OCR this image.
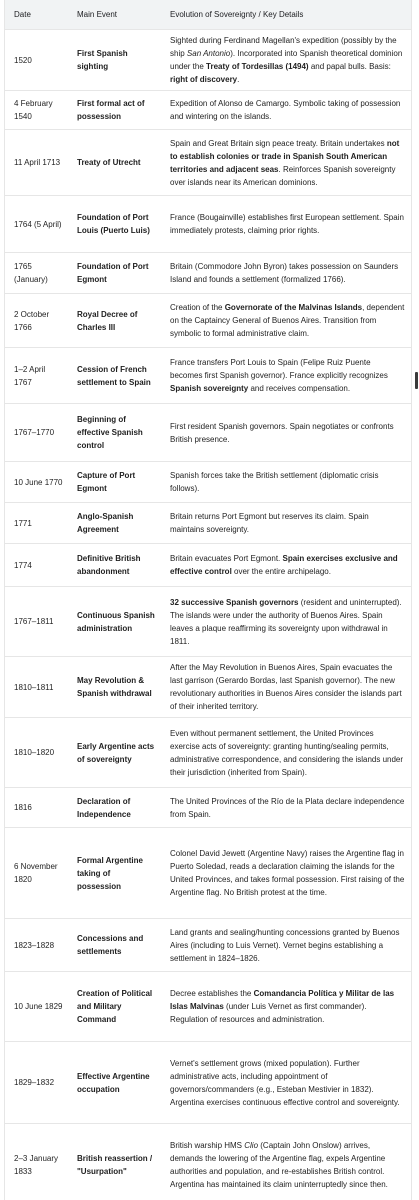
Date	Main Event	Evolution of Sovereignty / Key Details
1520	First Spanish sighting	Sighted during Ferdinand Magellan's expedition (possibly by the ship San Antonio). Incorporated into Spanish theoretical dominion under the Treaty of Tordesillas (1494) and papal bulls. Basis: right of discovery.
4 February 1540	First formal act of possession	Expedition of Alonso de Camargo. Symbolic taking of possession and wintering on the islands.
11 April 1713	Treaty of Utrecht	Spain and Great Britain sign peace treaty. Britain undertakes not to establish colonies or trade in Spanish South American territories and adjacent seas. Reinforces Spanish sovereignty over islands near its American dominions.
1764 (5 April)	Foundation of Port Louis (Puerto Luis)	France (Bougainville) establishes first European settlement. Spain immediately protests, claiming prior rights.
1765 (January)	Foundation of Port Egmont	Britain (Commodore John Byron) takes possession on Saunders Island and founds a settlement (formalized 1766).
2 October 1766	Royal Decree of Charles III	Creation of the Governorate of the Malvinas Islands, dependent on the Captaincy General of Buenos Aires. Transition from symbolic to formal administrative claim.
1–2 April 1767	Cession of French settlement to Spain	France transfers Port Louis to Spain (Felipe Ruiz Puente becomes first Spanish governor). France explicitly recognizes Spanish sovereignty and receives compensation.
1767–1770	Beginning of effective Spanish control	First resident Spanish governors. Spain negotiates or confronts British presence.
10 June 1770	Capture of Port Egmont	Spanish forces take the British settlement (diplomatic crisis follows).
1771	Anglo-Spanish Agreement	Britain returns Port Egmont but reserves its claim. Spain maintains sovereignty.
1774	Definitive British abandonment	Britain evacuates Port Egmont. Spain exercises exclusive and effective control over the entire archipelago.
1767–1811	Continuous Spanish administration	32 successive Spanish governors (resident and uninterrupted). The islands were under the authority of Buenos Aires. Spain leaves a plaque reaffirming its sovereignty upon withdrawal in 1811.
1810–1811	May Revolution & Spanish withdrawal	After the May Revolution in Buenos Aires, Spain evacuates the last garrison (Gerardo Bordas, last Spanish governor). The new revolutionary authorities in Buenos Aires consider the islands part of their inherited territory.
1810–1820	Early Argentine acts of sovereignty	Even without permanent settlement, the United Provinces exercise acts of sovereignty: granting hunting/sealing permits, administrative correspondence, and considering the islands under their jurisdiction (inherited from Spain).
1816	Declaration of Independence	The United Provinces of the Río de la Plata declare independence from Spain.
6 November 1820	Formal Argentine taking of possession	Colonel David Jewett (Argentine Navy) raises the Argentine flag in Puerto Soledad, reads a declaration claiming the islands for the United Provinces, and takes formal possession. First raising of the Argentine flag. No British protest at the time.
1823–1828	Concessions and settlements	Land grants and sealing/hunting concessions granted by Buenos Aires (including to Luis Vernet). Vernet begins establishing a settlement in 1824–1826.
10 June 1829	Creation of Political and Military Command	Decree establishes the Comandancia Política y Militar de las Islas Malvinas (under Luis Vernet as first commander). Regulation of resources and administration.
1829–1832	Effective Argentine occupation	Vernet's settlement grows (mixed population). Further administrative acts, including appointment of governors/commanders (e.g., Esteban Mestivier in 1832). Argentina exercises continuous effective control and sovereignty.
2–3 January 1833	British reassertion / "Usurpation"	British warship HMS Clio (Captain John Onslow) arrives, demands the lowering of the Argentine flag, expels Argentine authorities and population, and re-establishes British control. Argentina has maintained its claim uninterruptedly since then.
